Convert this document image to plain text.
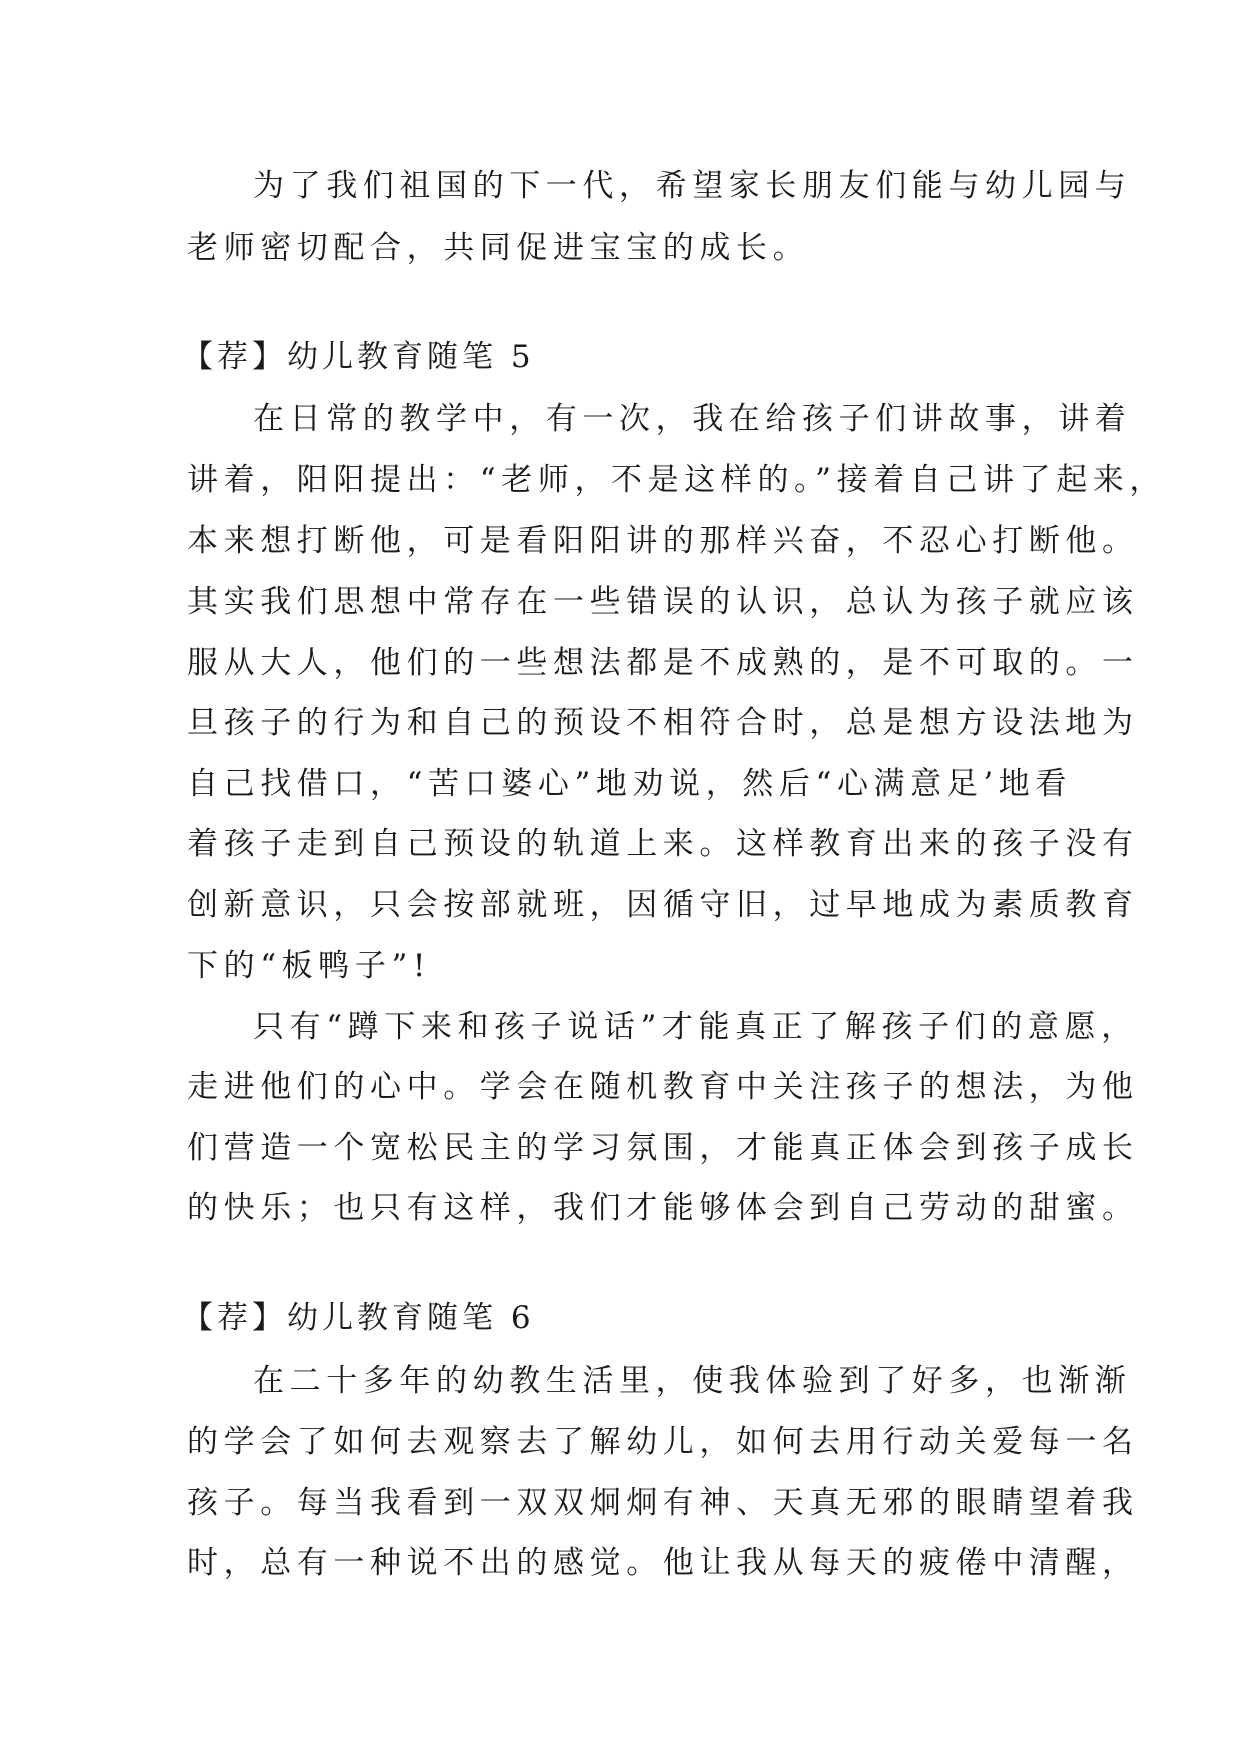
为了我们祖国的下一代，希望家长朋友们能与幼儿园与
老师密切配合，共同促进宝宝的成长。
【荐】幼儿教育随笔 5
在日常的教学中，有一次，我在给孩子们讲故事，讲着
讲着，阳阳提出：“老师，不是这样的。”接着自己讲了起来，
本来想打断他，可是看阳阳讲的那样兴奋，不忍心打断他。
其实我们思想中常存在一些错误的认识，总认为孩子就应该
服从大人，他们的一些想法都是不成熟的，是不可取的。一
旦孩子的行为和自己的预设不相符合时，总是想方设法地为
自己找借口，“苦口婆心”地劝说，然后“心满意足’地看
着孩子走到自己预设的轨道上来。这样教育出来的孩子没有
创新意识，只会按部就班，因循守旧，过早地成为素质教育
下的“板鸭子”!
只有“蹲下来和孩子说话”才能真正了解孩子们的意愿，
走进他们的心中。学会在随机教育中关注孩子的想法，为他
们营造一个宽松民主的学习氛围，才能真正体会到孩子成长
的快乐；也只有这样，我们才能够体会到自己劳动的甜蜜。
【荐】幼儿教育随笔 6
在二十多年的幼教生活里，使我体验到了好多，也渐渐
的学会了如何去观察去了解幼儿，如何去用行动关爱每一名
孩子。每当我看到一双双炯炯有神、天真无邪的眼睛望着我
时，总有一种说不出的感觉。他让我从每天的疲倦中清醒，
